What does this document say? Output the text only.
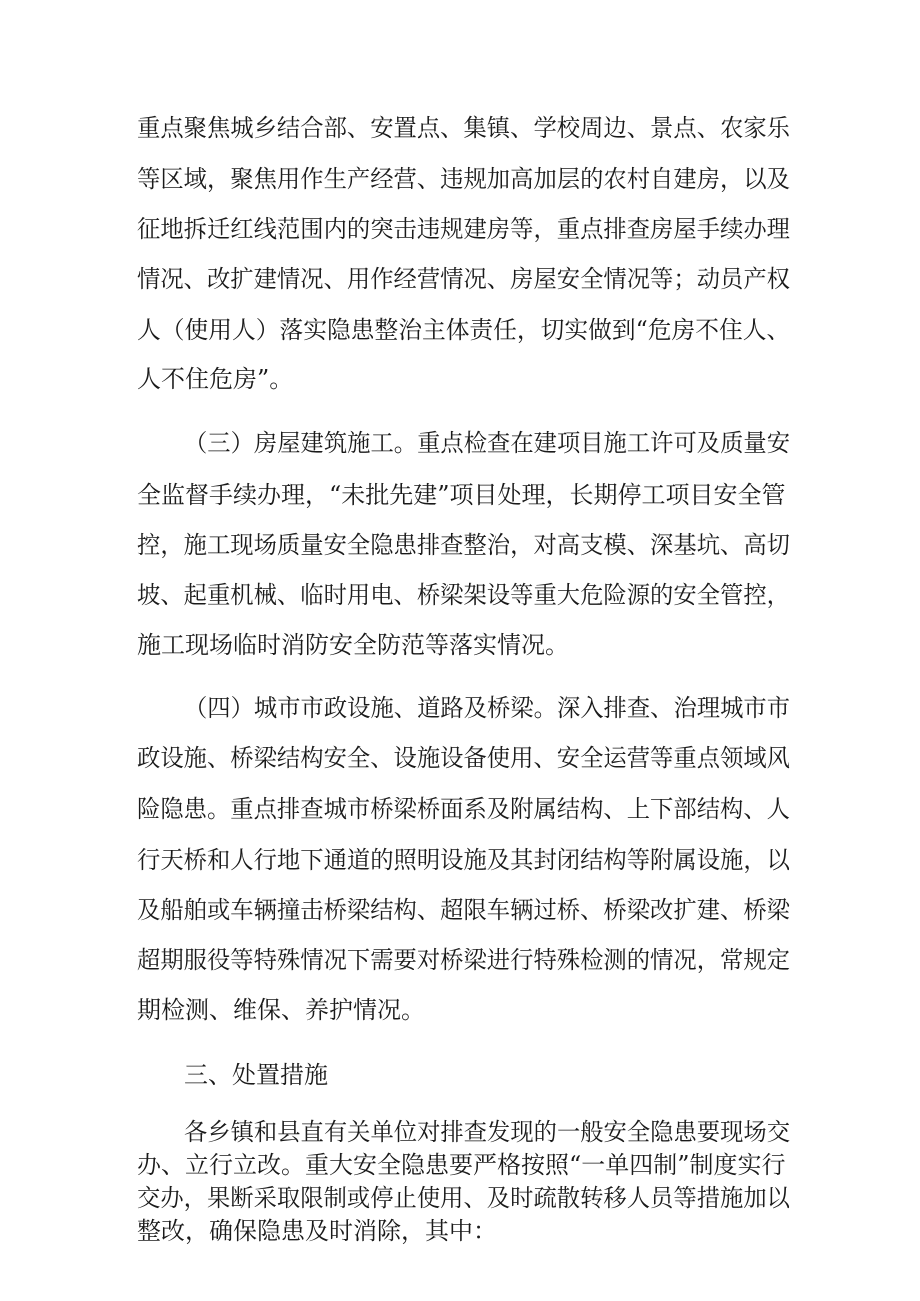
重点聚焦城乡结合部、安置点、集镇、学校周边、景点、农家乐

等区域，聚焦用作生产经营、违规加高加层的农村自建房，以及

征地拆迁红线范围内的突击违规建房等，重点排查房屋手续办理

情况、改扩建情况、用作经营情况、房屋安全情况等；动员产权

人（使用人）落实隐患整治主体责任，切实做到“危房不住人、

人不住危房”。

（三）房屋建筑施工。重点检查在建项目施工许可及质量安

全监督手续办理，“未批先建”项目处理，长期停工项目安全管

控，施工现场质量安全隐患排查整治，对高支模、深基坑、高切

坡、起重机械、临时用电、桥梁架设等重大危险源的安全管控，

施工现场临时消防安全防范等落实情况。

（四）城市市政设施、道路及桥梁。深入排查、治理城市市

政设施、桥梁结构安全、设施设备使用、安全运营等重点领域风

险隐患。重点排查城市桥梁桥面系及附属结构、上下部结构、人

行天桥和人行地下通道的照明设施及其封闭结构等附属设施，以

及船舶或车辆撞击桥梁结构、超限车辆过桥、桥梁改扩建、桥梁

超期服役等特殊情况下需要对桥梁进行特殊检测的情况，常规定

期检测、维保、养护情况。

三、处置措施

各乡镇和县直有关单位对排查发现的一般安全隐患要现场交

办、立行立改。重大安全隐患要严格按照“一单四制”制度实行

交办，果断采取限制或停止使用、及时疏散转移人员等措施加以

整改，确保隐患及时消除，其中：
